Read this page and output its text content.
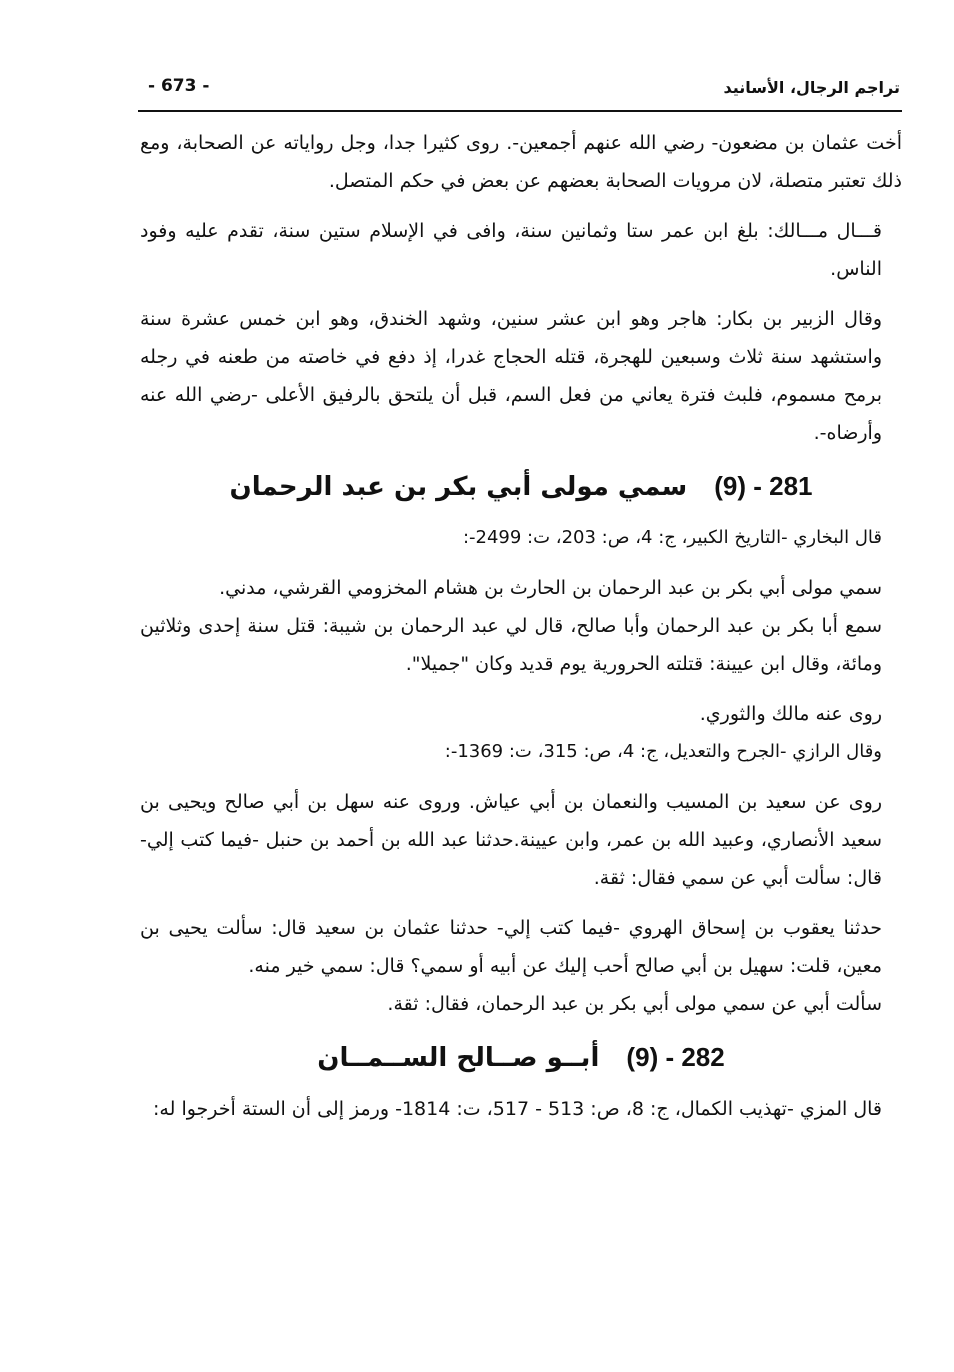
تراجم الرجال، الأسانيد
- 673 -

أخت عثمان بن مضعون- رضي الله عنهم أجمعين-. روى كثيرا جدا، وجل رواياته عن الصحابة، ومع ذلك تعتبر متصلة، لان مرويات الصحابة بعضهم عن بعض في حكم المتصل.

قـــال مـــالك: بلغ ابن عمر ستا وثمانين سنة، وافى في الإسلام ستين سنة، تقدم عليه وفود الناس.

وقال الزبير بن بكار: هاجر وهو ابن عشر سنين، وشهد الخندق، وهو ابن خمس عشرة سنة واستشهد سنة ثلاث وسبعين للهجرة، قتله الحجاج غدرا، إذ دفع في خاصته من طعنه في رجله برمح مسموم، فلبث فترة يعاني من فعل السم، قبل أن يلتحق بالرفيق الأعلى -رضي الله عنه وأرضاه-.

281 - (9) سمي مولى أبي بكر بن عبد الرحمان

قال البخاري -التاريخ الكبير، ج: 4، ص: 203، ت: 2499-:

سمي مولى أبي بكر بن عبد الرحمان بن الحارث بن هشام المخزومي القرشي، مدني.

سمع أبا بكر بن عبد الرحمان وأبا صالح، قال لي عبد الرحمان بن شيبة: قتل سنة إحدى وثلاثين ومائة، وقال ابن عيينة: قتلته الحرورية يوم قديد وكان "جميلا".

روى عنه مالك والثوري.

وقال الرازي -الجرح والتعديل، ج: 4، ص: 315، ت: 1369-:

روى عن سعيد بن المسيب والنعمان بن أبي عياش. وروى عنه سهل بن أبي صالح ويحيى بن سعيد الأنصاري، وعبيد الله بن عمر، وابن عيينة.حدثنا عبد الله بن أحمد بن حنبل -فيما كتب إلي- قال: سألت أبي عن سمي فقال: ثقة.

حدثنا يعقوب بن إسحاق الهروي -فيما كتب إلي- حدثنا عثمان بن سعيد قال: سألت يحيى بن معين، قلت: سهيل بن أبي صالح أحب إليك عن أبيه أو سمي؟ قال: سمي خير منه.

سألت أبي عن سمي مولى أبي بكر بن عبد الرحمان، فقال: ثقة.

282 - (9) أبــو صــالح الســمــان

قال المزي -تهذيب الكمال، ج: 8، ص: 513 - 517، ت: 1814- ورمز إلى أن الستة أخرجوا له:
